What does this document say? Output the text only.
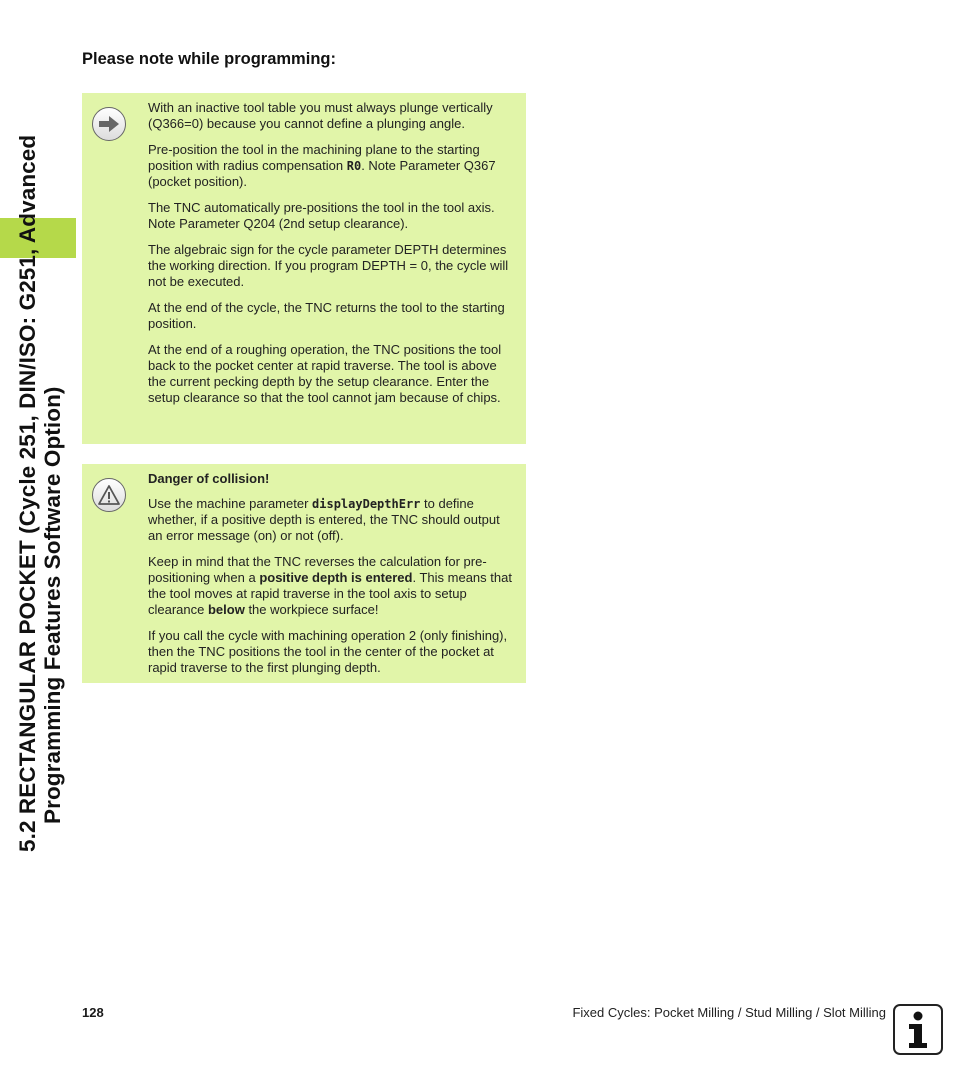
5.2 RECTANGULAR POCKET (Cycle 251, DIN/ISO: G251, Advanced Programming Features Software Option)
Please note while programming:

With an inactive tool table you must always plunge vertically (Q366=0) because you cannot define a plunging angle.

Pre-position the tool in the machining plane to the starting position with radius compensation R0. Note Parameter Q367 (pocket position).

The TNC automatically pre-positions the tool in the tool axis. Note Parameter Q204 (2nd setup clearance).

The algebraic sign for the cycle parameter DEPTH determines the working direction. If you program DEPTH = 0, the cycle will not be executed.

At the end of the cycle, the TNC returns the tool to the starting position.

At the end of a roughing operation, the TNC positions the tool back to the pocket center at rapid traverse. The tool is above the current pecking depth by the setup clearance. Enter the setup clearance so that the tool cannot jam because of chips.

Danger of collision!

Use the machine parameter displayDepthErr to define whether, if a positive depth is entered, the TNC should output an error message (on) or not (off).

Keep in mind that the TNC reverses the calculation for pre-positioning when a positive depth is entered. This means that the tool moves at rapid traverse in the tool axis to setup clearance below the workpiece surface!

If you call the cycle with machining operation 2 (only finishing), then the TNC positions the tool in the center of the pocket at rapid traverse to the first plunging depth.

128	Fixed Cycles: Pocket Milling / Stud Milling / Slot Milling
